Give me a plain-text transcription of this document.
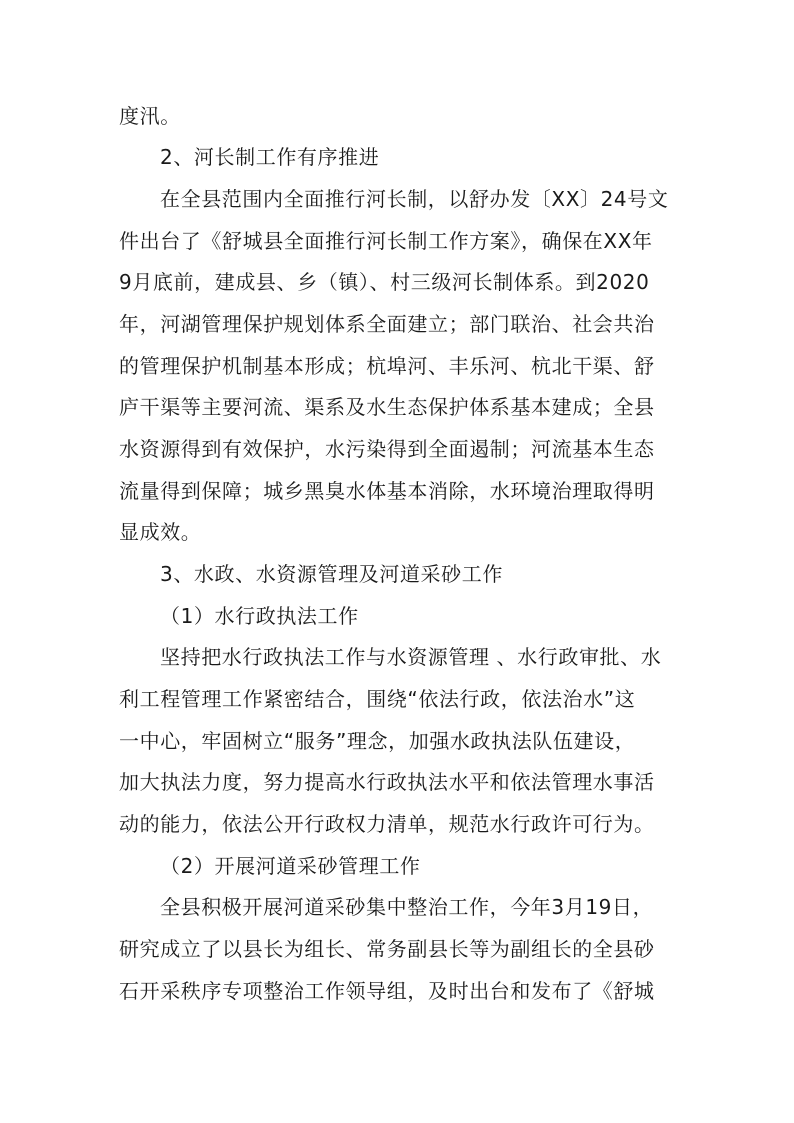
度汛。
2、河长制工作有序推进
在全县范围内全面推行河长制，以舒办发〔XX〕24号文
件出台了《舒城县全面推行河长制工作方案》，确保在XX年
9月底前，建成县、乡（镇）、村三级河长制体系。到2020
年，河湖管理保护规划体系全面建立；部门联治、社会共治
的管理保护机制基本形成；杭埠河、丰乐河、杭北干渠、舒
庐干渠等主要河流、渠系及水生态保护体系基本建成；全县
水资源得到有效保护，水污染得到全面遏制；河流基本生态
流量得到保障；城乡黑臭水体基本消除，水环境治理取得明
显成效。
3、水政、水资源管理及河道采砂工作
（1）水行政执法工作
坚持把水行政执法工作与水资源管理 、水行政审批、水
利工程管理工作紧密结合，围绕“依法行政，依法治水”这
一中心，牢固树立“服务”理念，加强水政执法队伍建设，
加大执法力度，努力提高水行政执法水平和依法管理水事活
动的能力，依法公开行政权力清单，规范水行政许可行为。
（2）开展河道采砂管理工作
全县积极开展河道采砂集中整治工作，今年3月19日，
研究成立了以县长为组长、常务副县长等为副组长的全县砂
石开采秩序专项整治工作领导组，及时出台和发布了《舒城
